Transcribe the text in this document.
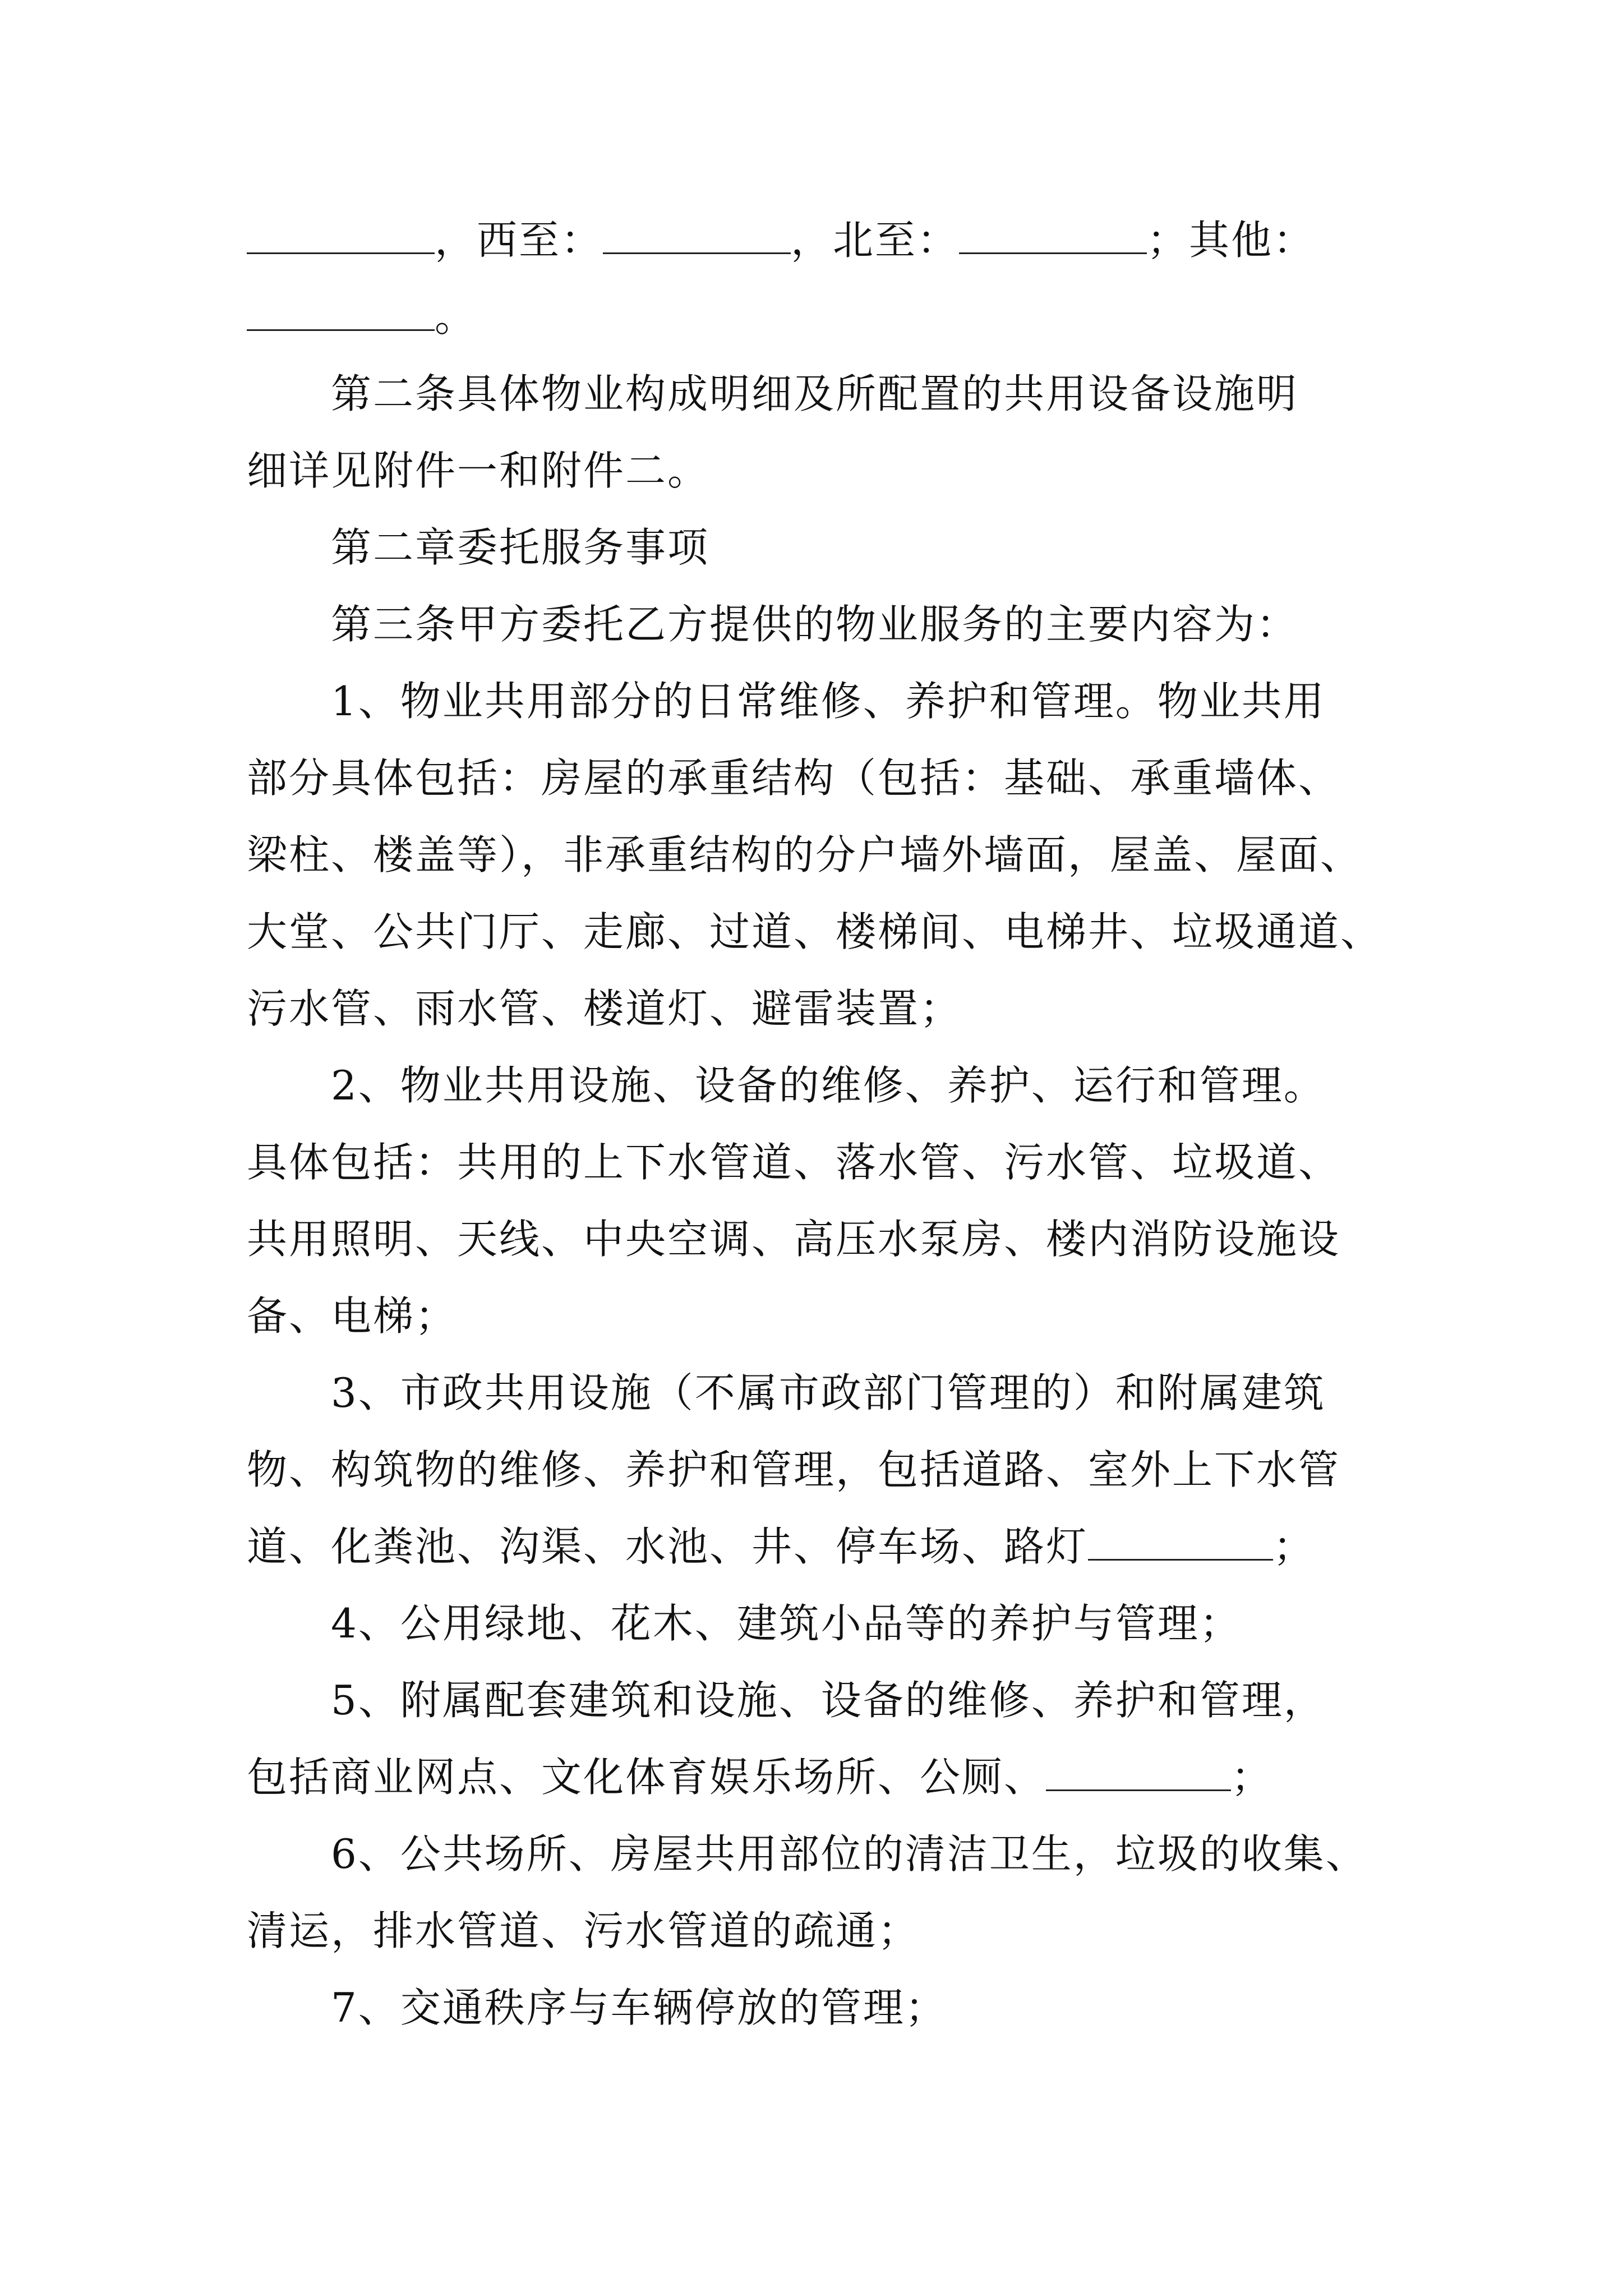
，西至：	，北至：	；其他：
。
第二条具体物业构成明细及所配置的共用设备设施明
细详见附件一和附件二。
第二章委托服务事项
第三条甲方委托乙方提供的物业服务的主要内容为：
1、物业共用部分的日常维修、养护和管理。物业共用
部分具体包括：房屋的承重结构（包括：基础、承重墙体、
梁柱、楼盖等），非承重结构的分户墙外墙面，屋盖、屋面、
大堂、公共门厅、走廊、过道、楼梯间、电梯井、垃圾通道、
污水管、雨水管、楼道灯、避雷装置；
2、物业共用设施、设备的维修、养护、运行和管理。
具体包括：共用的上下水管道、落水管、污水管、垃圾道、
共用照明、天线、中央空调、高压水泵房、楼内消防设施设
备、电梯；
3、市政共用设施（不属市政部门管理的）和附属建筑
物、构筑物的维修、养护和管理，包括道路、室外上下水管
道、化粪池、沟渠、水池、井、停车场、路灯	；
4、公用绿地、花木、建筑小品等的养护与管理；
5、附属配套建筑和设施、设备的维修、养护和管理，
包括商业网点、文化体育娱乐场所、公厕、	；
6、公共场所、房屋共用部位的清洁卫生，垃圾的收集、
清运，排水管道、污水管道的疏通；
7、交通秩序与车辆停放的管理；
